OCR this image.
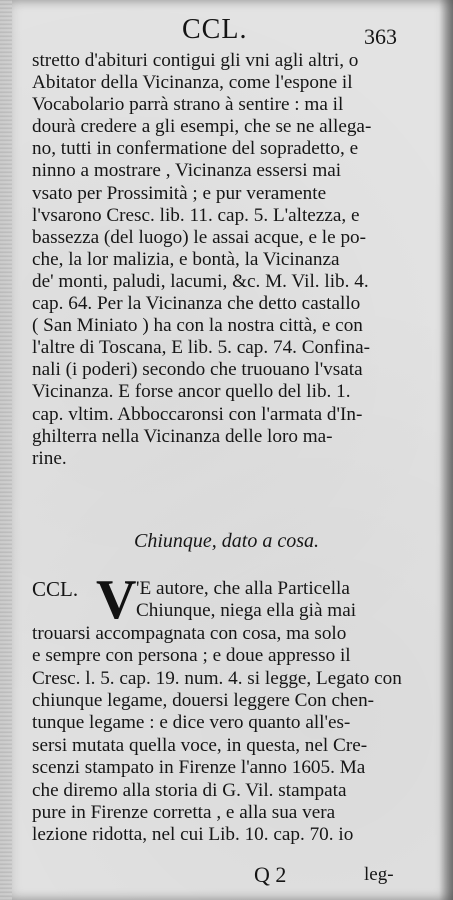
CCL.	363
stretto d'abituri contigui gli vni agli altri, o
Abitator della Vicinanza, come l'espone il
Vocabolario parrà strano à sentire : ma il
dourà credere a gli esempi, che se ne allega-
no, tutti in confermatione del sopradetto, e
ninno a mostrare , Vicinanza essersi mai
vsato per Prossimità ; e pur veramente
l'vsarono Cresc. lib. 11. cap. 5. L'altezza, e
bassezza (del luogo) le assai acque, e le po-
che, la lor malizia, e bontà, la Vicinanza
de' monti, paludi, lacumi, &c. M. Vil. lib. 4.
cap. 64. Per la Vicinanza che detto castallo
( San Miniato ) ha con la nostra città, e con
l'altre di Toscana, E lib. 5. cap. 74. Confina-
nali (i poderi) secondo che truouano l'vsata
Vicinanza. E forse ancor quello del lib. 1.
cap. vltim. Abboccaronsi con l'armata d'In-
ghilterra nella Vicinanza delle loro ma-
rine.
Chiunque, dato a cosa.
CCL. V 'E autore, che alla Particella
Chiunque, niega ella già mai
trouarsi accompagnata con cosa, ma solo
e sempre con persona ; e doue appresso il
Cresc. l. 5. cap. 19. num. 4. si legge, Legato con
chiunque legame, douersi leggere Con chen-
tunque legame : e dice vero quanto all'es-
sersi mutata quella voce, in questa, nel Cre-
scenzi stampato in Firenze l'anno 1605. Ma
che diremo alla storia di G. Vil. stampata
pure in Firenze corretta , e alla sua vera
lezione ridotta, nel cui Lib. 10. cap. 70. io
Q 2	leg-
